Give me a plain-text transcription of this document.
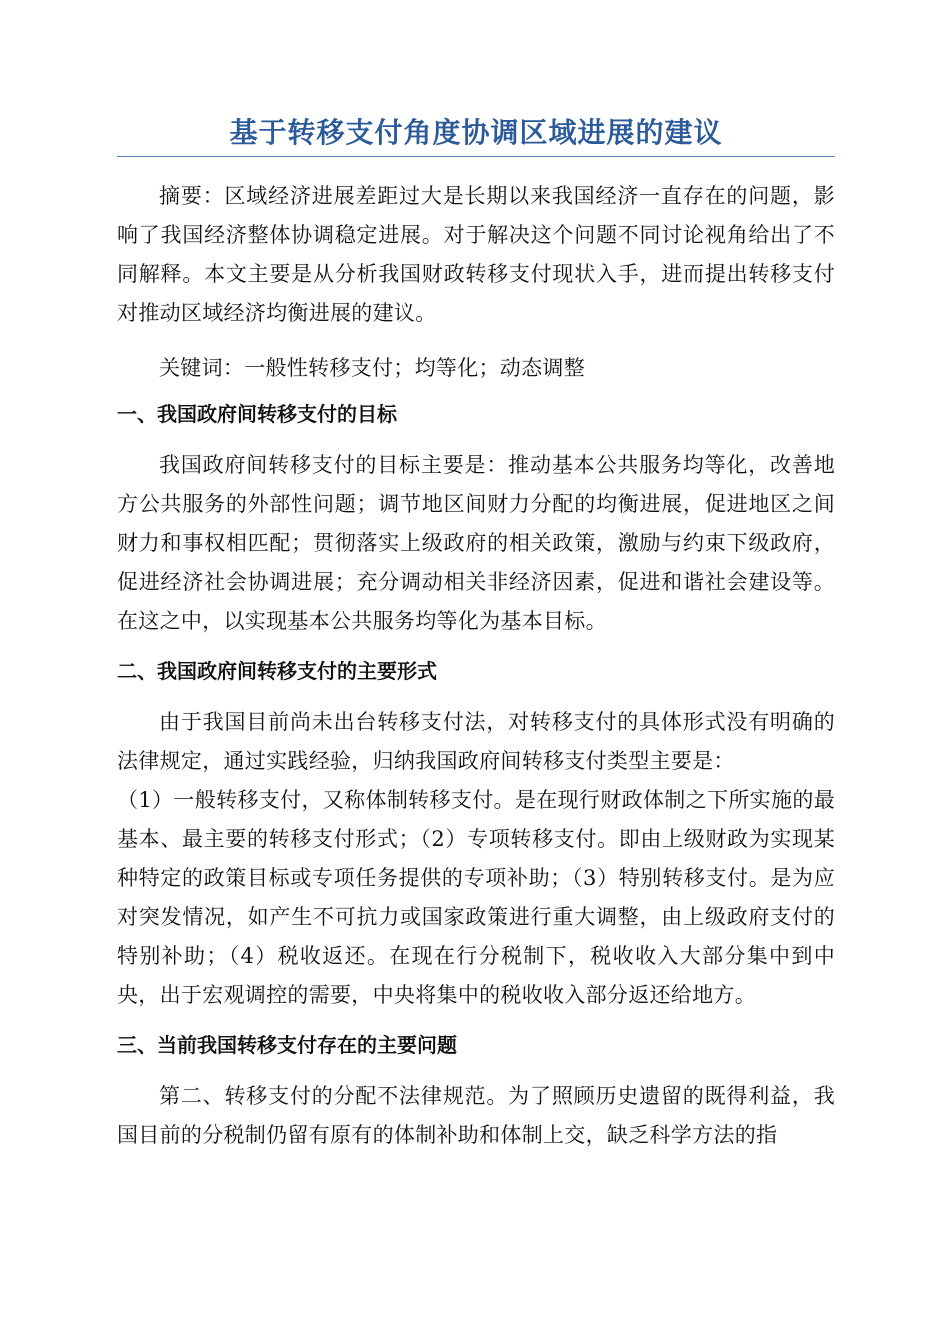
基于转移支付角度协调区域进展的建议

摘要：区域经济进展差距过大是长期以来我国经济一直存在的问题，影响了我国经济整体协调稳定进展。对于解决这个问题不同讨论视角给出了不同解释。本文主要是从分析我国财政转移支付现状入手，进而提出转移支付对推动区域经济均衡进展的建议。

关键词：一般性转移支付；均等化；动态调整

一、我国政府间转移支付的目标

我国政府间转移支付的目标主要是：推动基本公共服务均等化，改善地方公共服务的外部性问题；调节地区间财力分配的均衡进展，促进地区之间财力和事权相匹配；贯彻落实上级政府的相关政策，激励与约束下级政府，促进经济社会协调进展；充分调动相关非经济因素，促进和谐社会建设等。在这之中，以实现基本公共服务均等化为基本目标。

二、我国政府间转移支付的主要形式

由于我国目前尚未出台转移支付法，对转移支付的具体形式没有明确的法律规定，通过实践经验，归纳我国政府间转移支付类型主要是：

（1）一般转移支付，又称体制转移支付。是在现行财政体制之下所实施的最基本、最主要的转移支付形式；（2）专项转移支付。即由上级财政为实现某种特定的政策目标或专项任务提供的专项补助；（3）特别转移支付。是为应对突发情况，如产生不可抗力或国家政策进行重大调整，由上级政府支付的特别补助；（4）税收返还。在现在行分税制下，税收收入大部分集中到中央，出于宏观调控的需要，中央将集中的税收收入部分返还给地方。

三、当前我国转移支付存在的主要问题

第二、转移支付的分配不法律规范。为了照顾历史遗留的既得利益，我国目前的分税制仍留有原有的体制补助和体制上交，缺乏科学方法的指
